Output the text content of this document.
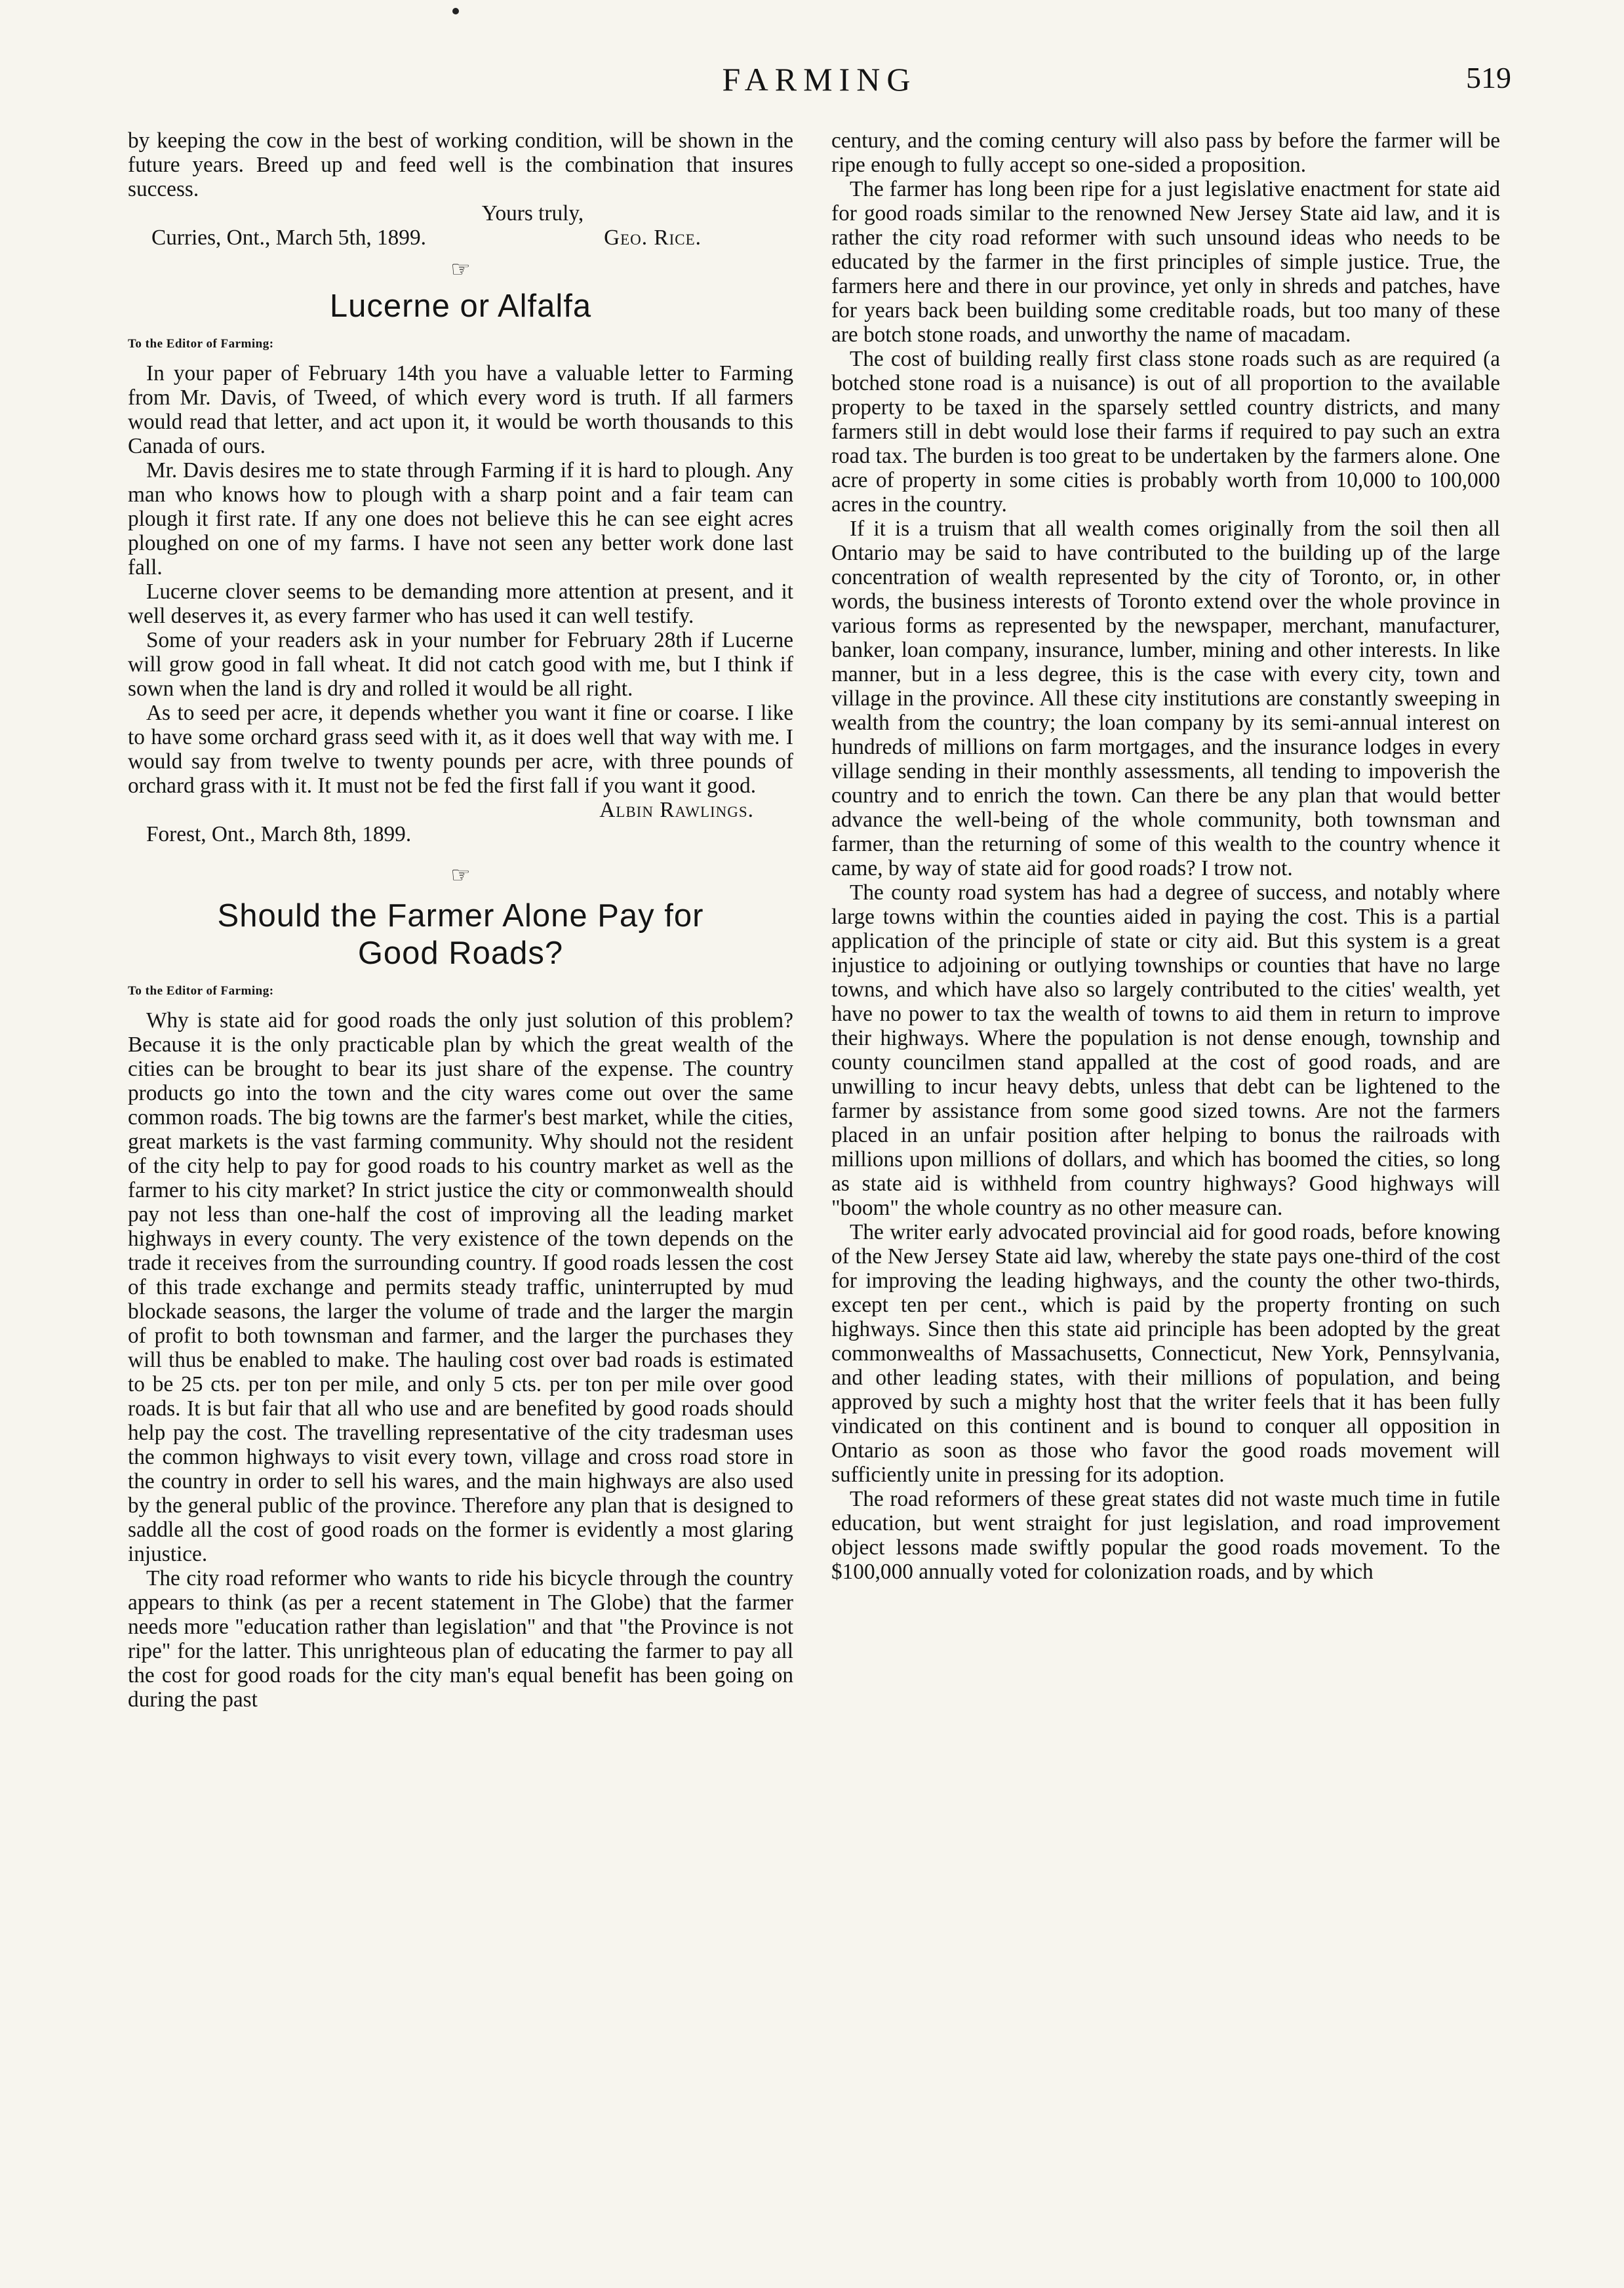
FARMING	519

by keeping the cow in the best of working condition, will be shown in the future years. Breed up and feed well is the combination that insures success.

Yours truly,
Curries, Ont., March 5th, 1899.	Geo. Rice.
☞
Lucerne or Alfalfa
To the Editor of Farming:

In your paper of February 14th you have a valuable letter to Farming from Mr. Davis, of Tweed, of which every word is truth. If all farmers would read that letter, and act upon it, it would be worth thousands to this Canada of ours.

Mr. Davis desires me to state through Farming if it is hard to plough. Any man who knows how to plough with a sharp point and a fair team can plough it first rate. If any one does not believe this he can see eight acres ploughed on one of my farms. I have not seen any better work done last fall.

Lucerne clover seems to be demanding more attention at present, and it well deserves it, as every farmer who has used it can well testify.

Some of your readers ask in your number for February 28th if Lucerne will grow good in fall wheat. It did not catch good with me, but I think if sown when the land is dry and rolled it would be all right.

As to seed per acre, it depends whether you want it fine or coarse. I like to have some orchard grass seed with it, as it does well that way with me. I would say from twelve to twenty pounds per acre, with three pounds of orchard grass with it. It must not be fed the first fall if you want it good.

Albin Rawlings.
Forest, Ont., March 8th, 1899.
☞
Should the Farmer Alone Pay for
Good Roads?
To the Editor of Farming:

Why is state aid for good roads the only just solution of this problem? Because it is the only practicable plan by which the great wealth of the cities can be brought to bear its just share of the expense. The country products go into the town and the city wares come out over the same common roads. The big towns are the farmer's best market, while the cities, great markets is the vast farming community. Why should not the resident of the city help to pay for good roads to his country market as well as the farmer to his city market? In strict justice the city or commonwealth should pay not less than one-half the cost of improving all the leading market highways in every county. The very existence of the town depends on the trade it receives from the surrounding country. If good roads lessen the cost of this trade exchange and permits steady traffic, uninterrupted by mud blockade seasons, the larger the volume of trade and the larger the margin of profit to both townsman and farmer, and the larger the purchases they will thus be enabled to make. The hauling cost over bad roads is estimated to be 25 cts. per ton per mile, and only 5 cts. per ton per mile over good roads. It is but fair that all who use and are benefited by good roads should help pay the cost. The travelling representative of the city tradesman uses the common highways to visit every town, village and cross road store in the country in order to sell his wares, and the main highways are also used by the general public of the province. Therefore any plan that is designed to saddle all the cost of good roads on the former is evidently a most glaring injustice.

The city road reformer who wants to ride his bicycle through the country appears to think (as per a recent statement in The Globe) that the farmer needs more "education rather than legislation" and that "the Province is not ripe" for the latter. This unrighteous plan of educating the farmer to pay all the cost for good roads for the city man's equal benefit has been going on during the past

century, and the coming century will also pass by before the farmer will be ripe enough to fully accept so one-sided a proposition.

The farmer has long been ripe for a just legislative enactment for state aid for good roads similar to the renowned New Jersey State aid law, and it is rather the city road reformer with such unsound ideas who needs to be educated by the farmer in the first principles of simple justice. True, the farmers here and there in our province, yet only in shreds and patches, have for years back been building some creditable roads, but too many of these are botch stone roads, and unworthy the name of macadam.

The cost of building really first class stone roads such as are required (a botched stone road is a nuisance) is out of all proportion to the available property to be taxed in the sparsely settled country districts, and many farmers still in debt would lose their farms if required to pay such an extra road tax. The burden is too great to be undertaken by the farmers alone. One acre of property in some cities is probably worth from 10,000 to 100,000 acres in the country.

If it is a truism that all wealth comes originally from the soil then all Ontario may be said to have contributed to the building up of the large concentration of wealth represented by the city of Toronto, or, in other words, the business interests of Toronto extend over the whole province in various forms as represented by the newspaper, merchant, manufacturer, banker, loan company, insurance, lumber, mining and other interests. In like manner, but in a less degree, this is the case with every city, town and village in the province. All these city institutions are constantly sweeping in wealth from the country; the loan company by its semi-annual interest on hundreds of millions on farm mortgages, and the insurance lodges in every village sending in their monthly assessments, all tending to impoverish the country and to enrich the town. Can there be any plan that would better advance the well-being of the whole community, both townsman and farmer, than the returning of some of this wealth to the country whence it came, by way of state aid for good roads? I trow not.

The county road system has had a degree of success, and notably where large towns within the counties aided in paying the cost. This is a partial application of the principle of state or city aid. But this system is a great injustice to adjoining or outlying townships or counties that have no large towns, and which have also so largely contributed to the cities' wealth, yet have no power to tax the wealth of towns to aid them in return to improve their highways. Where the population is not dense enough, township and county councilmen stand appalled at the cost of good roads, and are unwilling to incur heavy debts, unless that debt can be lightened to the farmer by assistance from some good sized towns. Are not the farmers placed in an unfair position after helping to bonus the railroads with millions upon millions of dollars, and which has boomed the cities, so long as state aid is withheld from country highways? Good highways will "boom" the whole country as no other measure can.

The writer early advocated provincial aid for good roads, before knowing of the New Jersey State aid law, whereby the state pays one-third of the cost for improving the leading highways, and the county the other two-thirds, except ten per cent., which is paid by the property fronting on such highways. Since then this state aid principle has been adopted by the great commonwealths of Massachusetts, Connecticut, New York, Pennsylvania, and other leading states, with their millions of population, and being approved by such a mighty host that the writer feels that it has been fully vindicated on this continent and is bound to conquer all opposition in Ontario as soon as those who favor the good roads movement will sufficiently unite in pressing for its adoption.

The road reformers of these great states did not waste much time in futile education, but went straight for just legislation, and road improvement object lessons made swiftly popular the good roads movement. To the $100,000 annually voted for colonization roads, and by which
